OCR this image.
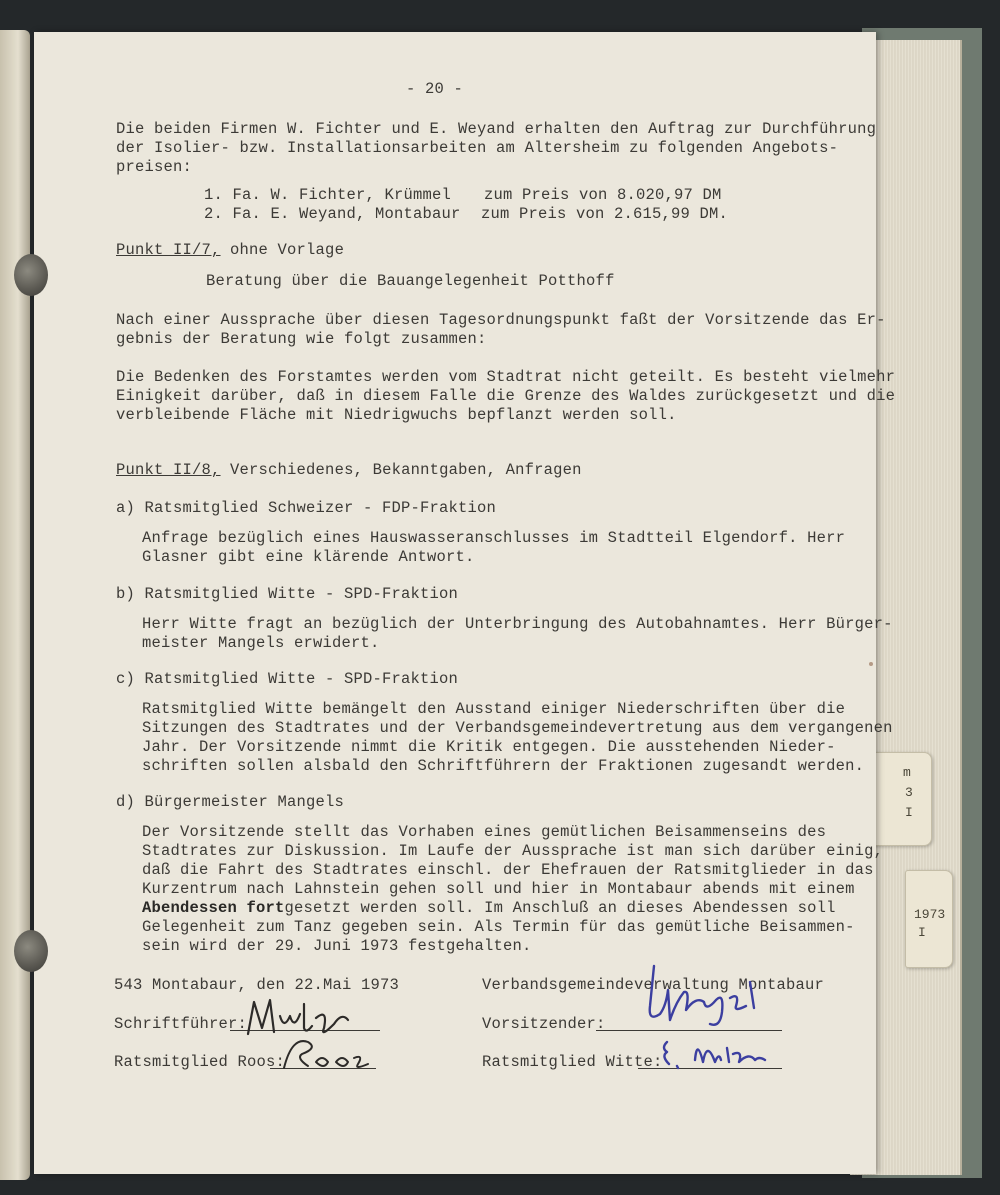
m
3
I
1973
I
- 20 -
Die beiden Firmen W. Fichter und E. Weyand erhalten den Auftrag zur Durchführung
der Isolier- bzw. Installationsarbeiten am Altersheim zu folgenden Angebots-
preisen:
1. Fa. W. Fichter, Krümmel zum Preis von 8.020,97 DM
2. Fa. E. Weyand, Montabaur zum Preis von 2.615,99 DM.
Punkt II/7, ohne Vorlage
Beratung über die Bauangelegenheit Potthoff
Nach einer Aussprache über diesen Tagesordnungspunkt faßt der Vorsitzende das Er-
gebnis der Beratung wie folgt zusammen:
Die Bedenken des Forstamtes werden vom Stadtrat nicht geteilt. Es besteht vielmehr
Einigkeit darüber, daß in diesem Falle die Grenze des Waldes zurückgesetzt und die
verbleibende Fläche mit Niedrigwuchs bepflanzt werden soll.
Punkt II/8, Verschiedenes, Bekanntgaben, Anfragen
a) Ratsmitglied Schweizer - FDP-Fraktion
Anfrage bezüglich eines Hauswasseranschlusses im Stadtteil Elgendorf. Herr
Glasner gibt eine klärende Antwort.
b) Ratsmitglied Witte - SPD-Fraktion
Herr Witte fragt an bezüglich der Unterbringung des Autobahnamtes. Herr Bürger-
meister Mangels erwidert.
c) Ratsmitglied Witte - SPD-Fraktion
Ratsmitglied Witte bemängelt den Ausstand einiger Niederschriften über die
Sitzungen des Stadtrates und der Verbandsgemeindevertretung aus dem vergangenen
Jahr. Der Vorsitzende nimmt die Kritik entgegen. Die ausstehenden Nieder-
schriften sollen alsbald den Schriftführern der Fraktionen zugesandt werden.
d) Bürgermeister Mangels
Der Vorsitzende stellt das Vorhaben eines gemütlichen Beisammenseins des
Stadtrates zur Diskussion. Im Laufe der Aussprache ist man sich darüber einig,
daß die Fahrt des Stadtrates einschl. der Ehefrauen der Ratsmitglieder in das
Kurzentrum nach Lahnstein gehen soll und hier in Montabaur abends mit einem
Abendessen fortgesetzt werden soll. Im Anschluß an dieses Abendessen soll
Gelegenheit zum Tanz gegeben sein. Als Termin für das gemütliche Beisammen-
sein wird der 29. Juni 1973 festgehalten.
543 Montabaur, den 22.Mai 1973	Verbandsgemeindeverwaltung Montabaur
Schriftführer:	Vorsitzender:
Ratsmitglied Roos:	Ratsmitglied Witte:
